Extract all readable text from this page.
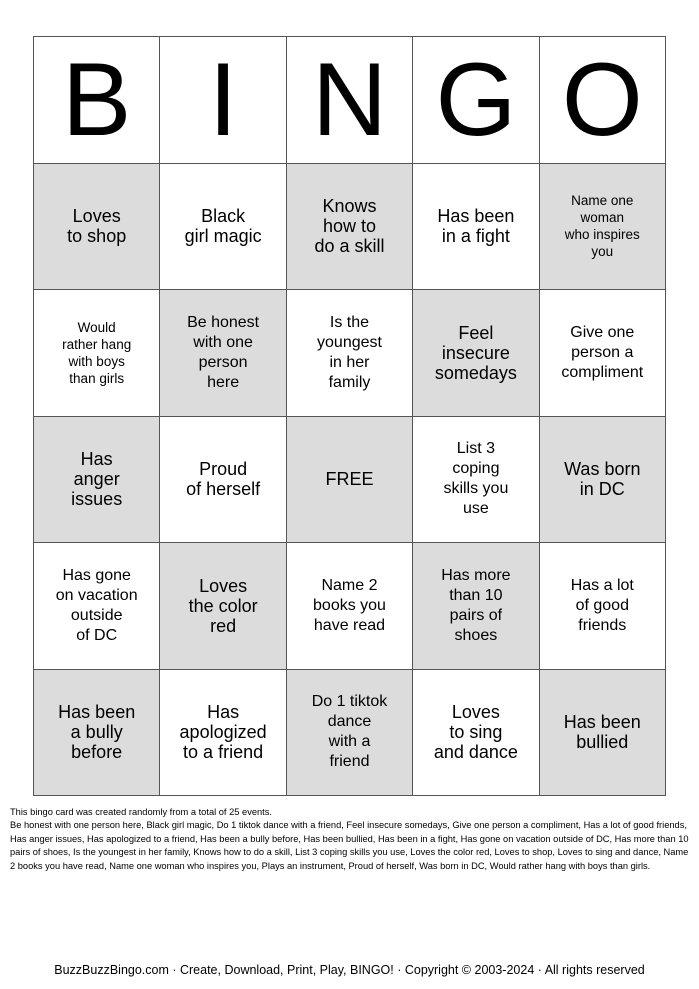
B I N G O
Loves
to shop
Black
girl magic
Knows
how to
do a skill
Has been
in a fight
Name one
woman
who inspires
you
Would
rather hang
with boys
than girls
Be honest
with one
person
here
Is the
youngest
in her
family
Feel
insecure
somedays
Give one
person a
compliment
Has
anger
issues
Proud
of herself	FREE
List 3
coping
skills you
use
Was born
in DC
Has gone
on vacation
outside
of DC
Loves
the color
red
Name 2
books you
have read
Has more
than 10
pairs of
shoes
Has a lot
of good
friends
Has been
a bully
before
Has
apologized
to a friend
Do 1 tiktok
dance
with a
friend
Loves
to sing
and dance
Has been
bullied
This bingo card was created randomly from a total of 25 events.
Be honest with one person here, Black girl magic, Do 1 tiktok dance with a friend, Feel insecure somedays, Give one person a compliment, Has a lot of good friends, Has anger issues, Has apologized to a friend, Has been a bully before, Has been bullied, Has been in a fight, Has gone on vacation outside of DC, Has more than 10 pairs of shoes, Is the youngest in her family, Knows how to do a skill, List 3 coping skills you use, Loves the color red, Loves to shop, Loves to sing and dance, Name 2 books you have read, Name one woman who inspires you, Plays an instrument, Proud of herself, Was born in DC, Would rather hang with boys than girls.
BuzzBuzzBingo.com · Create, Download, Print, Play, BINGO! · Copyright © 2003-2024 · All rights reserved
